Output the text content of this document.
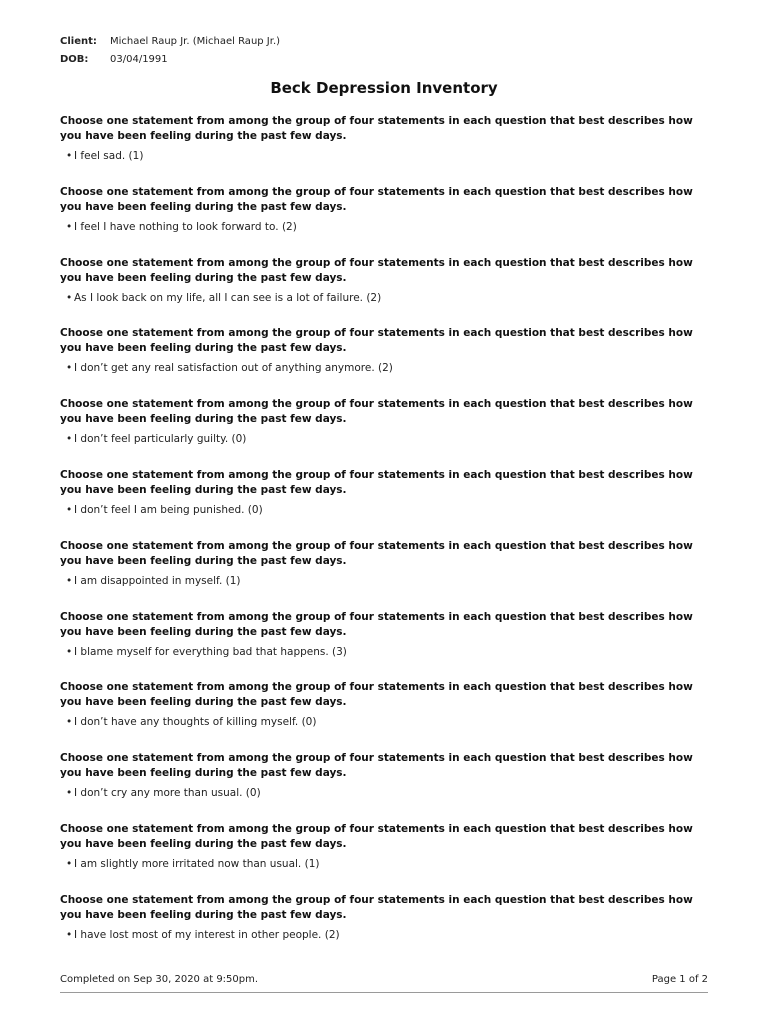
Client: Michael Raup Jr. (Michael Raup Jr.)
DOB: 03/04/1991
Beck Depression Inventory
Choose one statement from among the group of four statements in each question that best describes how you have been feeling during the past few days.
• I feel sad. (1)
Choose one statement from among the group of four statements in each question that best describes how you have been feeling during the past few days.
• I feel I have nothing to look forward to. (2)
Choose one statement from among the group of four statements in each question that best describes how you have been feeling during the past few days.
• As I look back on my life, all I can see is a lot of failure. (2)
Choose one statement from among the group of four statements in each question that best describes how you have been feeling during the past few days.
• I don’t get any real satisfaction out of anything anymore. (2)
Choose one statement from among the group of four statements in each question that best describes how you have been feeling during the past few days.
• I don’t feel particularly guilty. (0)
Choose one statement from among the group of four statements in each question that best describes how you have been feeling during the past few days.
• I don’t feel I am being punished. (0)
Choose one statement from among the group of four statements in each question that best describes how you have been feeling during the past few days.
• I am disappointed in myself. (1)
Choose one statement from among the group of four statements in each question that best describes how you have been feeling during the past few days.
• I blame myself for everything bad that happens. (3)
Choose one statement from among the group of four statements in each question that best describes how you have been feeling during the past few days.
• I don’t have any thoughts of killing myself. (0)
Choose one statement from among the group of four statements in each question that best describes how you have been feeling during the past few days.
• I don’t cry any more than usual. (0)
Choose one statement from among the group of four statements in each question that best describes how you have been feeling during the past few days.
• I am slightly more irritated now than usual. (1)
Choose one statement from among the group of four statements in each question that best describes how you have been feeling during the past few days.
• I have lost most of my interest in other people. (2)
Completed on Sep 30, 2020 at 9:50pm.	Page 1 of 2
